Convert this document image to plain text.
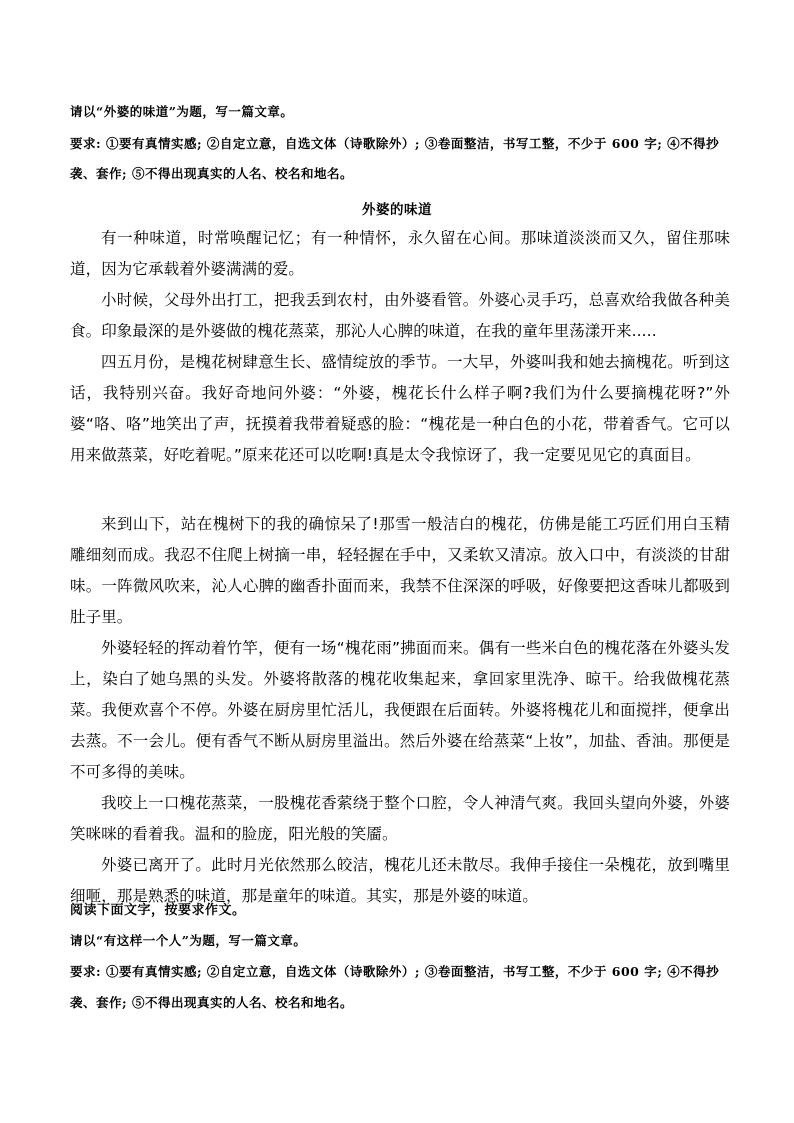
请以“外婆的味道”为题，写一篇文章。
要求: ①要有真情实感; ②自定立意，自选文体（诗歌除外）; ③卷面整洁，书写工整，不少于 600 字; ④不得抄
袭、套作; ⑤不得出现真实的人名、校名和地名。
外婆的味道

有一种味道，时常唤醒记忆；有一种情怀，永久留在心间。那味道淡淡而又久，留住那味道，因为它承载着外婆满满的爱。

小时候，父母外出打工，把我丢到农村，由外婆看管。外婆心灵手巧，总喜欢给我做各种美食。印象最深的是外婆做的槐花蒸菜，那沁人心脾的味道，在我的童年里荡漾开来.....

四五月份，是槐花树肆意生长、盛情绽放的季节。一大早，外婆叫我和她去摘槐花。听到这话，我特别兴奋。我好奇地问外婆：“外婆，槐花长什么样子啊?我们为什么要摘槐花呀?”外婆“咯、咯”地笑出了声，抚摸着我带着疑惑的脸：“槐花是一种白色的小花，带着香气。它可以用来做蒸菜，好吃着呢。”原来花还可以吃啊!真是太令我惊讶了，我一定要见见它的真面目。

来到山下，站在槐树下的我的确惊呆了!那雪一般洁白的槐花，仿佛是能工巧匠们用白玉精雕细刻而成。我忍不住爬上树摘一串，轻轻握在手中，又柔软又清凉。放入口中，有淡淡的甘甜味。一阵微风吹来，沁人心脾的幽香扑面而来，我禁不住深深的呼吸，好像要把这香味儿都吸到肚子里。

外婆轻轻的挥动着竹竿，便有一场“槐花雨”拂面而来。偶有一些米白色的槐花落在外婆头发上，染白了她乌黑的头发。外婆将散落的槐花收集起来，拿回家里洗净、晾干。给我做槐花蒸菜。我便欢喜个不停。外婆在厨房里忙活儿，我便跟在后面转。外婆将槐花儿和面搅拌，便拿出去蒸。不一会儿。便有香气不断从厨房里溢出。然后外婆在给蒸菜“上妆”，加盐、香油。那便是不可多得的美味。

我咬上一口槐花蒸菜，一股槐花香萦绕于整个口腔，令人神清气爽。我回头望向外婆，外婆笑咪咪的看着我。温和的脸庞，阳光般的笑靥。

外婆已离开了。此时月光依然那么皎洁，槐花儿还未散尽。我伸手接住一朵槐花，放到嘴里细咂，那是熟悉的味道，那是童年的味道。其实，那是外婆的味道。

阅读下面文字，按要求作文。
请以“有这样一个人”为题，写一篇文章。
要求: ①要有真情实感; ②自定立意，自选文体（诗歌除外）; ③卷面整洁，书写工整，不少于 600 字; ④不得抄
袭、套作; ⑤不得出现真实的人名、校名和地名。
